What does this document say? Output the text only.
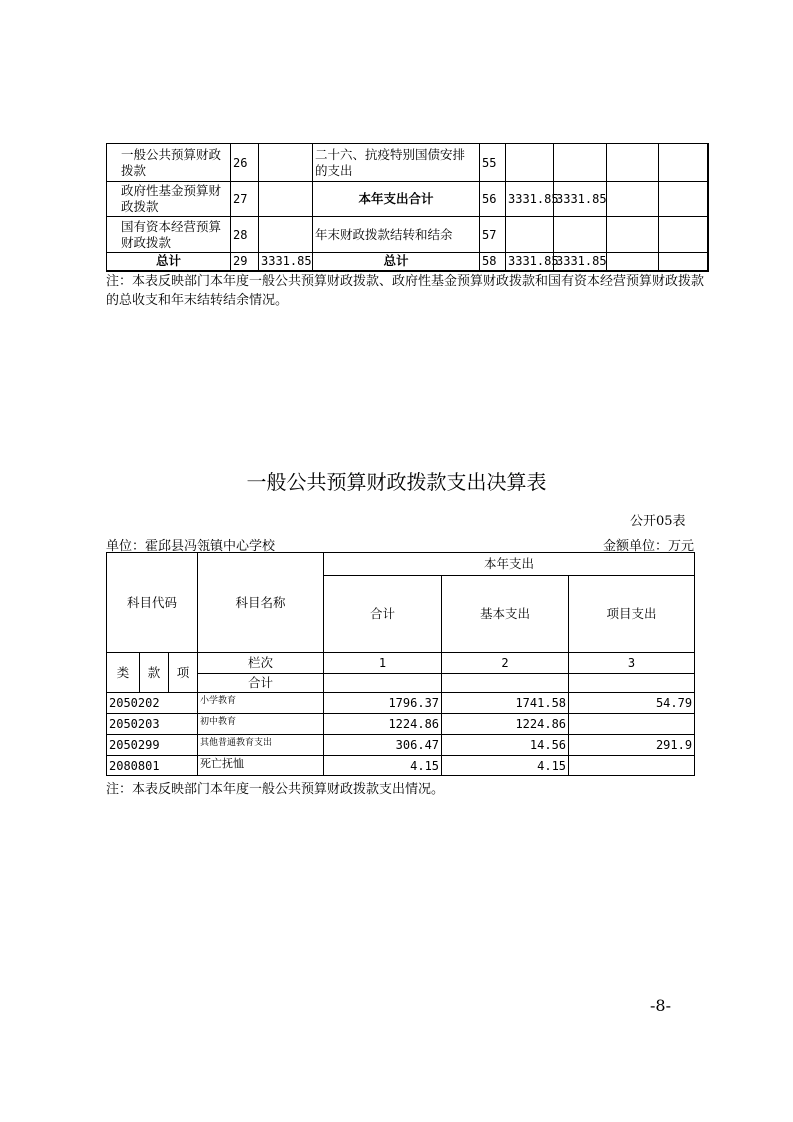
一般公共预算财政拨款	26		二十六、抗疫特别国债安排的支出	55				
政府性基金预算财政拨款	27		本年支出合计	56	3331.85	3331.85		
国有资本经营预算财政拨款	28		年末财政拨款结转和结余	57				
总计	29	3331.85	总计	58	3331.85	3331.85		
注：本表反映部门本年度一般公共预算财政拨款、政府性基金预算财政拨款和国有资本经营预算财政拨款的总收支和年末结转结余情况。
一般公共预算财政拨款支出决算表
公开05表
单位：霍邱县冯瓴镇中心学校	金额单位：万元
科目代码			科目名称	本年支出		
				合计	基本支出	项目支出
类	款	项	栏次	1	2	3
			合计			
2050202			小学教育	1796.37	1741.58	54.79
2050203			初中教育	1224.86	1224.86	
2050299			其他普通教育支出	306.47	14.56	291.9
2080801			死亡抚恤	4.15	4.15	
注：本表反映部门本年度一般公共预算财政拨款支出情况。
-8-
